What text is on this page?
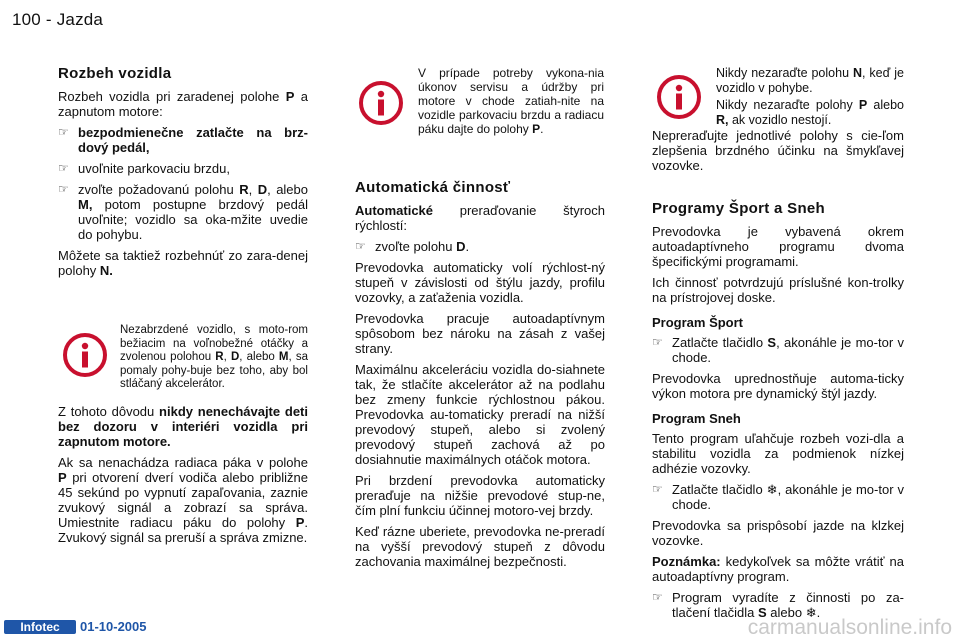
100 - Jazda
Rozbeh vozidla

Rozbeh vozidla pri zaradenej polohe P a zapnutom motore:

☞ bezpodmienečne zatlačte na brz-dový pedál,
☞ uvoľnite parkovaciu brzdu,
☞ zvoľte požadovanú polohu R, D, alebo M, potom postupne brzdový pedál uvoľnite; vozidlo sa oka-mžite uvedie do pohybu.

Môžete sa taktiež rozbehnúť zo zara-denej polohy N.

Nezabrzdené vozidlo, s moto-rom bežiacim na voľnobežné otáčky a zvolenou polohou R, D, alebo M, sa pomaly pohy-buje bez toho, aby bol stláčaný akcelerátor.

Z tohoto dôvodu nikdy nenechávajte deti bez dozoru v interiéri vozidla pri zapnutom motore.

Ak sa nenachádza radiaca páka v polohe P pri otvorení dverí vodiča alebo približne 45 sekúnd po vypnutí zapaľovania, zaznie zvukový signál a zobrazí sa správa. Umiestnite radiacu páku do polohy P. Zvukový signál sa preruší a správa zmizne.

V prípade potreby vykona-nia úkonov servisu a údržby pri motore v chode zatiah-nite na vozidle parkovaciu brzdu a radiacu páku dajte do polohy P.
Automatická činnosť

Automatické preraďovanie štyroch rýchlostí:

☞ zvoľte polohu D.

Prevodovka automaticky volí rýchlost-ný stupeň v závislosti od štýlu jazdy, profilu vozovky, a zaťaženia vozidla.

Prevodovka pracuje autoadaptívnym spôsobom bez nároku na zásah z vašej strany.

Maximálnu akceleráciu vozidla do-siahnete tak, že stlačíte akcelerátor až na podlahu bez zmeny funkcie rýchlostnou pákou. Prevodovka au-tomaticky preradí na nižší prevodový stupeň, alebo si zvolený prevodový stupeň zachová až po dosiahnutie maximálnych otáčok motora.

Pri brzdení prevodovka automaticky preraďuje na nižšie prevodové stup-ne, čím plní funkciu účinnej motoro-vej brzdy.

Keď rázne uberiete, prevodovka ne-preradí na vyšší prevodový stupeň z dôvodu zachovania maximálnej bezpečnosti.

Nikdy nezaraďte polohu N, keď je vozidlo v pohybe.
Nikdy nezaraďte polohy P alebo R, ak vozidlo nestojí.

Nepreraďujte jednotlivé polohy s cie-ľom zlepšenia brzdného účinku na šmykľavej vozovke.

Programy Šport a Sneh

Prevodovka je vybavená okrem autoadaptívneho programu dvoma špecifickými programami.

Ich činnosť potvrdzujú príslušné kon-trolky na prístrojovej doske.

Program Šport
☞ Zatlačte tlačidlo S, akonáhle je mo-tor v chode.

Prevodovka uprednostňuje automa-ticky výkon motora pre dynamický štýl jazdy.

Program Sneh

Tento program uľahčuje rozbeh vozi-dla a stabilitu vozidla za podmienok nízkej adhézie vozovky.

☞ Zatlačte tlačidlo ❄, akonáhle je mo-tor v chode.

Prevodovka sa prispôsobí jazde na klzkej vozovke.

Poznámka: kedykoľvek sa môžte vrátiť na autoadaptívny program.

☞ Program vyradíte z činnosti po za-tlačení tlačidla S alebo ❄.
Infotec	01-10-2005	carmanualsonline.info
